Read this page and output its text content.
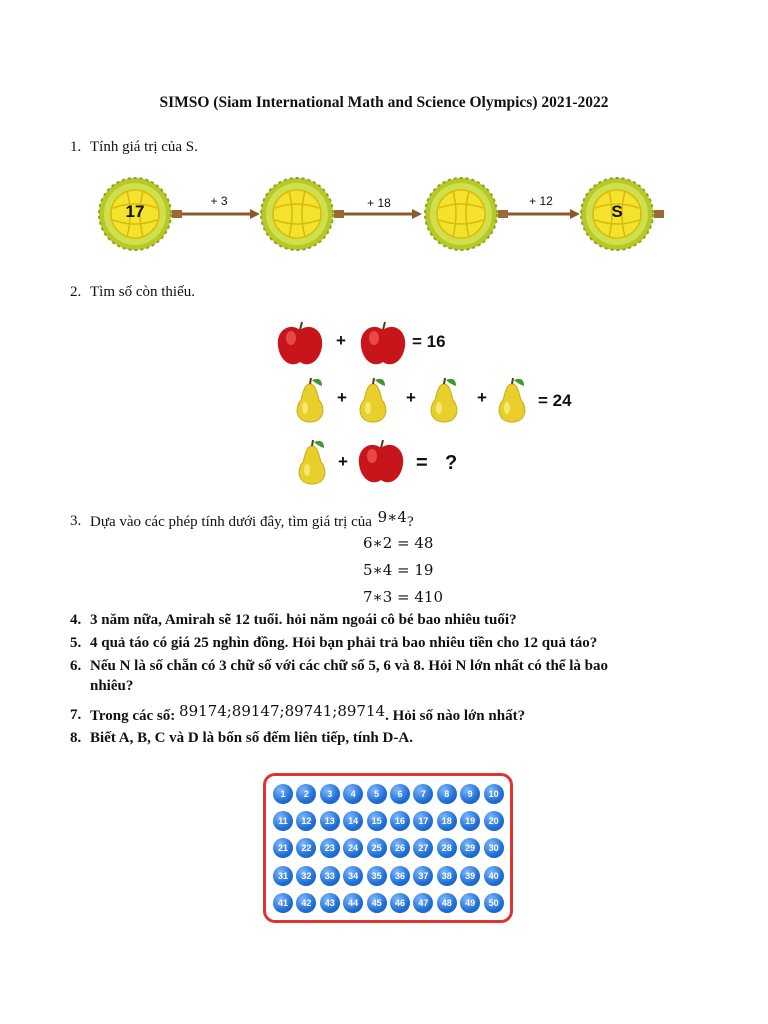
SIMSO (Siam International Math and Science Olympics) 2021-2022
1. Tính giá trị của S.
17	S
+ 3	+ 18	+ 12
2. Tìm số còn thiếu.
+	= 16
+	+	+	= 24
+	= ?
3. Dựa vào các phép tính dưới đây, tìm giá trị của 9∗4?
6∗2 = 48
5∗4 = 19
7∗3 = 410
4. 3 năm nữa, Amirah sẽ 12 tuổi. hỏi năm ngoái cô bé bao nhiêu tuổi?
5. 4 quả táo có giá 25 nghìn đồng. Hỏi bạn phải trả bao nhiêu tiền cho 12 quả táo?
6. Nếu N là số chẵn có 3 chữ số với các chữ số 5, 6 và 8. Hỏi N lớn nhất có thể là bao
nhiêu?
7. Trong các số: 89174;89147;89741;89714. Hỏi số nào lớn nhất?
8. Biết A, B, C và D là bốn số đếm liên tiếp, tính D-A.
1	2	3	4	5	6	7	8	9	10
11	12	13	14	15	16	17	18	19	20
21	22	23	24	25	26	27	28	29	30
31	32	33	34	35	36	37	38	39	40
41	42	43	44	45	46	47	48	49	50
